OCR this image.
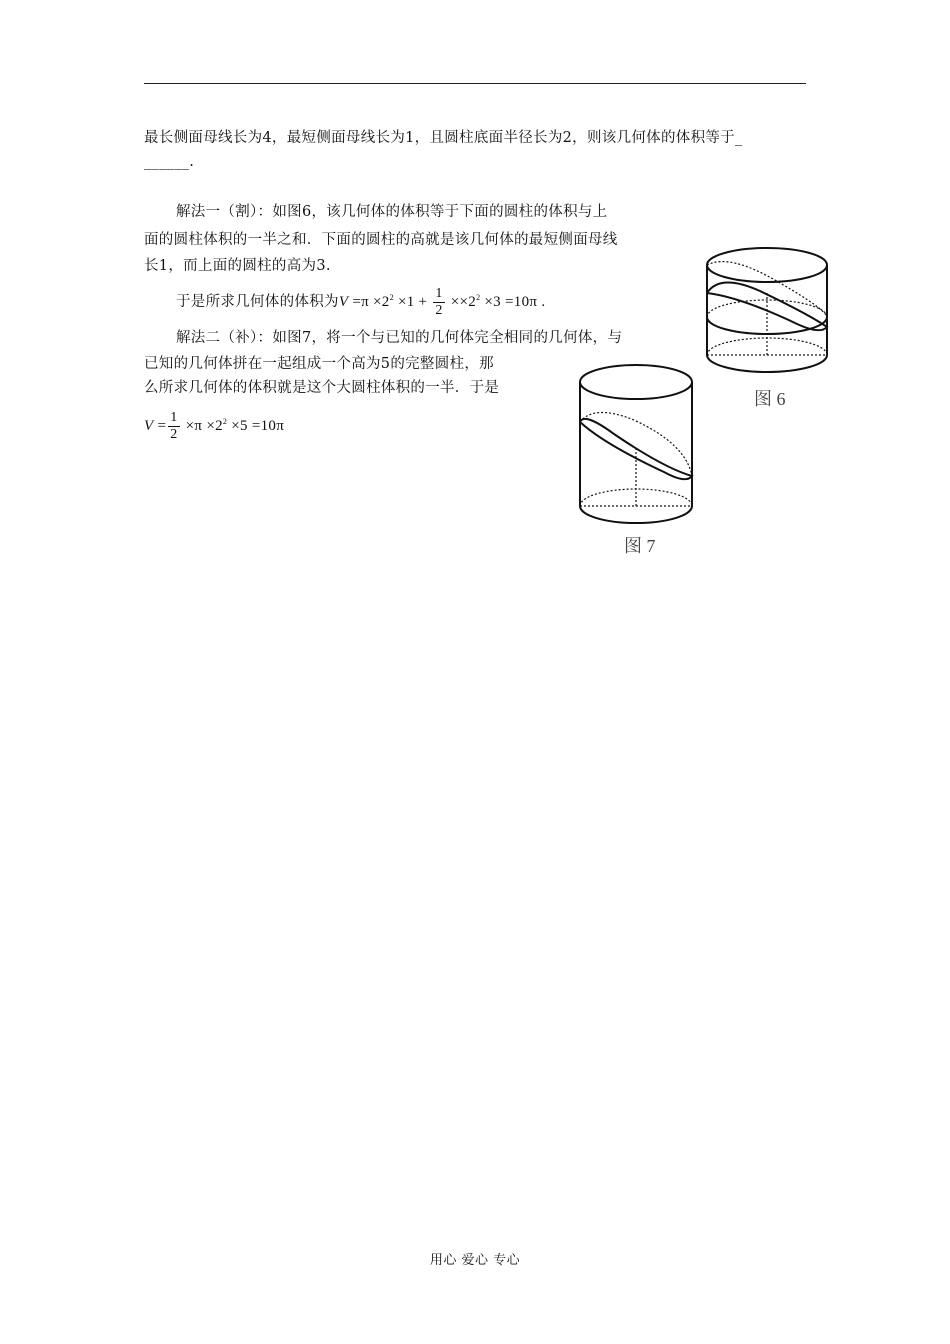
最长侧面母线长为4，最短侧面母线长为1，且圆柱底面半径长为2，则该几何体的体积等于_
______.
解法一（割）：如图6，该几何体的体积等于下面的圆柱的体积与上
面的圆柱体积的一半之和．下面的圆柱的高就是该几何体的最短侧面母线
长1，而上面的圆柱的高为3.
于是所求几何体的体积为$V =\pi \times 2^2 \times 1 + \frac{1}{2} \times\times 2^2 \times 3 =10\pi$ .
解法二（补）：如图7，将一个与已知的几何体完全相同的几何体，与
已知的几何体拼在一起组成一个高为5的完整圆柱，那
么所求几何体的体积就是这个大圆柱体积的一半．于是
$V = \frac{1}{2} \times\pi \times 2^2 \times 5 =10\pi$
图 6
图 7
用心 爱心 专心
